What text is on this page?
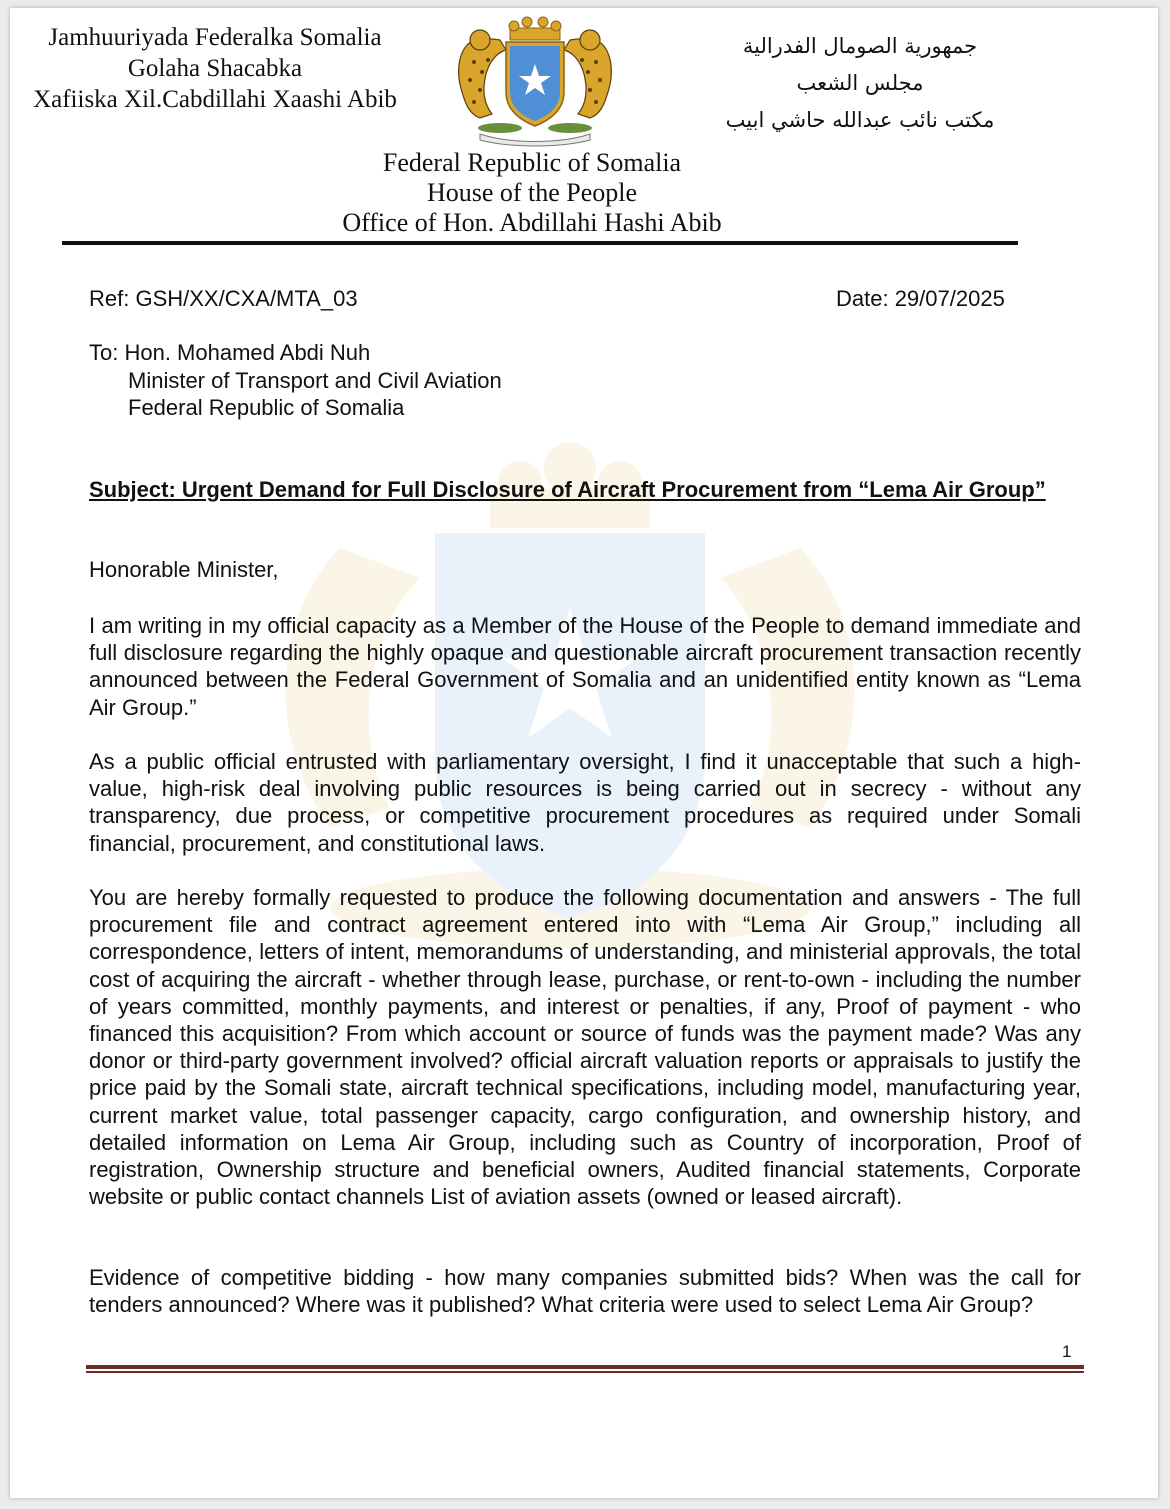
Jamhuuriyada Federalka Somalia
Golaha Shacabka
Xafiiska Xil.Cabdillahi Xaashi Abib
جمهورية الصومال الفدرالية
مجلس الشعب
مكتب نائب عبدالله حاشي ابيب
Federal Republic of Somalia
House of the People
Office of Hon. Abdillahi Hashi Abib
Ref: GSH/XX/CXA/MTA_03	Date: 29/07/2025
To: Hon. Mohamed Abdi Nuh
Minister of Transport and Civil Aviation
Federal Republic of Somalia
Subject: Urgent Demand for Full Disclosure of Aircraft Procurement from “Lema Air Group”
Honorable Minister,
I am writing in my official capacity as a Member of the House of the People to demand immediate and full disclosure regarding the highly opaque and questionable aircraft procurement transaction recently announced between the Federal Government of Somalia and an unidentified entity known as “Lema Air Group.”
As a public official entrusted with parliamentary oversight, I find it unacceptable that such a high-value, high-risk deal involving public resources is being carried out in secrecy - without any transparency, due process, or competitive procurement procedures as required under Somali financial, procurement, and constitutional laws.
You are hereby formally requested to produce the following documentation and answers - The full procurement file and contract agreement entered into with “Lema Air Group,” including all correspondence, letters of intent, memorandums of understanding, and ministerial approvals, the total cost of acquiring the aircraft - whether through lease, purchase, or rent-to-own - including the number of years committed, monthly payments, and interest or penalties, if any, Proof of payment - who financed this acquisition? From which account or source of funds was the payment made? Was any donor or third-party government involved? official aircraft valuation reports or appraisals to justify the price paid by the Somali state, aircraft technical specifications, including model, manufacturing year, current market value, total passenger capacity, cargo configuration, and ownership history, and detailed information on Lema Air Group, including such as Country of incorporation, Proof of registration, Ownership structure and beneficial owners, Audited financial statements, Corporate website or public contact channels List of aviation assets (owned or leased aircraft).
Evidence of competitive bidding - how many companies submitted bids? When was the call for tenders announced? Where was it published? What criteria were used to select Lema Air Group?
1
